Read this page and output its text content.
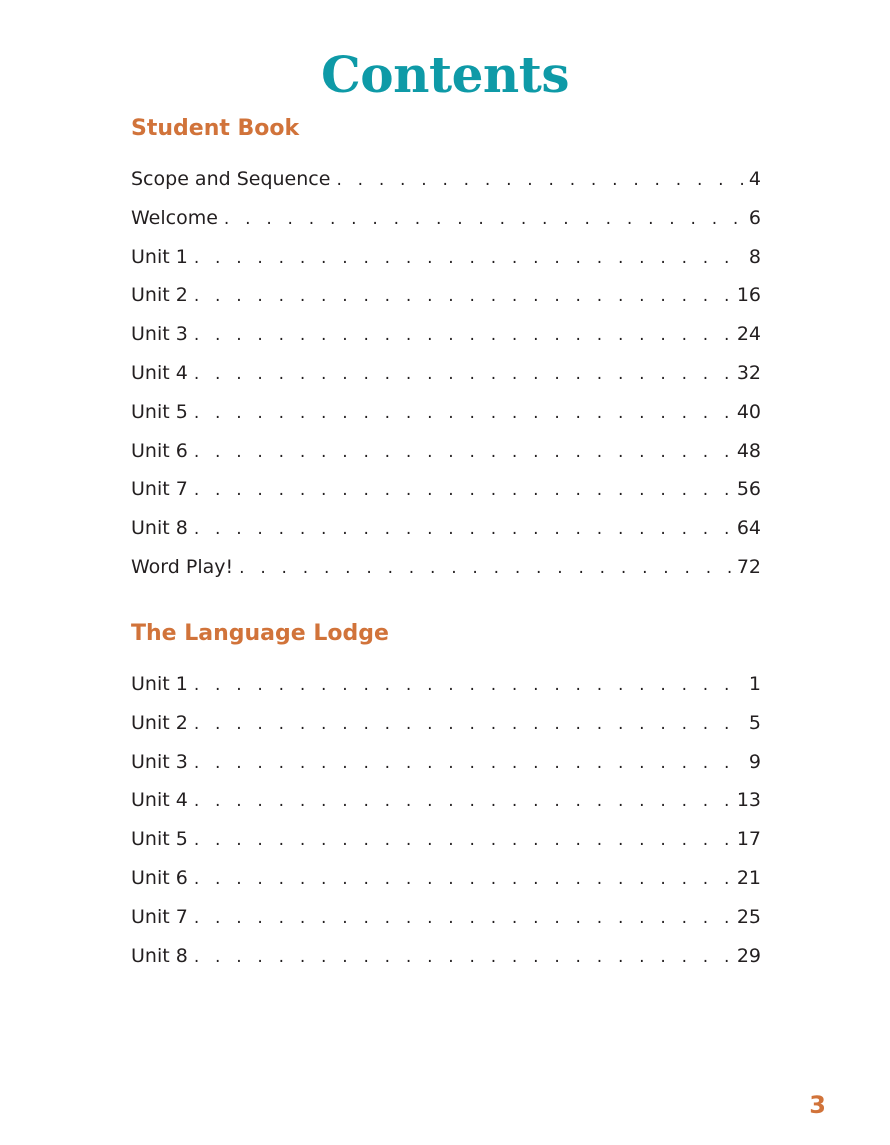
Contents
Student Book
Scope and Sequence . . .	4
Welcome . . .	6
Unit 1 . . .	8
Unit 2 . . .	16
Unit 3 . . .	24
Unit 4 . . .	32
Unit 5 . . .	40
Unit 6 . . .	48
Unit 7 . . .	56
Unit 8 . . .	64
Word Play! . . .	72
The Language Lodge
Unit 1 . . .	1
Unit 2 . . .	5
Unit 3 . . .	9
Unit 4 . . .	13
Unit 5 . . .	17
Unit 6 . . .	21
Unit 7 . . .	25
Unit 8 . . .	29
3
